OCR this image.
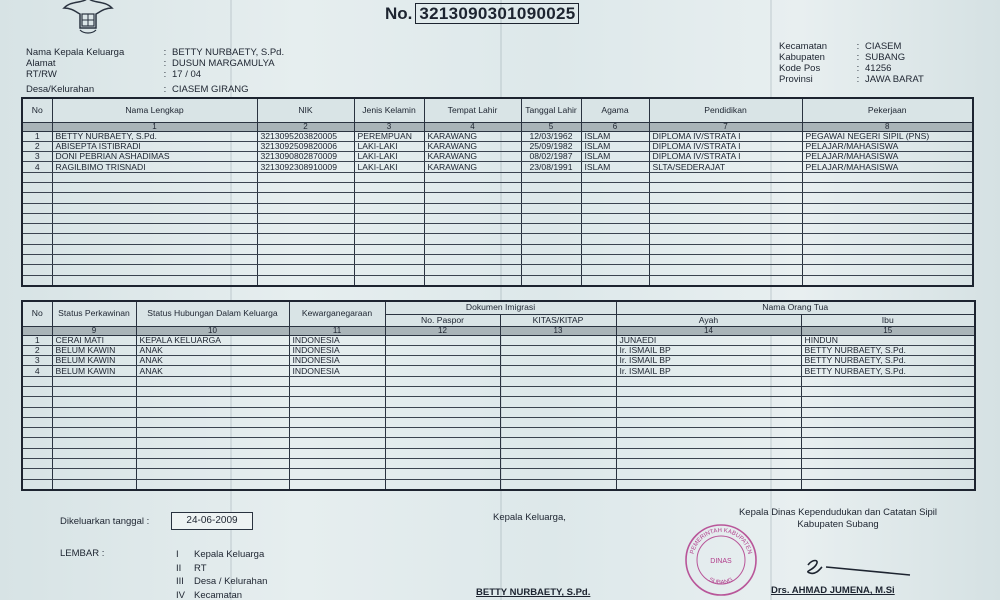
No. 3213090301090025
Nama Kepala Keluarga	: BETTY NURBAETY, S.Pd.
Alamat	: DUSUN MARGAMULYA
RT/RW	: 17 / 04
Desa/Kelurahan	: CIASEM GIRANG
Kecamatan	: CIASEM
Kabupaten	: SUBANG
Kode Pos	: 41256
Provinsi	: JAWA BARAT
No	Nama Lengkap	NIK	Jenis Kelamin	Tempat Lahir	Tanggal Lahir	Agama	Pendidikan	Pekerjaan
	1	2	3	4	5	6	7	8
1	BETTY NURBAETY, S.Pd.	3213095203820005	PEREMPUAN	KARAWANG	12/03/1962	ISLAM	DIPLOMA IV/STRATA I	PEGAWAI NEGERI SIPIL (PNS)
2	ABISEPTA ISTIBRADI	3213092509820006	LAKI-LAKI	KARAWANG	25/09/1982	ISLAM	DIPLOMA IV/STRATA I	PELAJAR/MAHASISWA
3	DONI PEBRIAN ASHADIMAS	3213090802870009	LAKI-LAKI	KARAWANG	08/02/1987	ISLAM	DIPLOMA IV/STRATA I	PELAJAR/MAHASISWA
4	RAGILBIMO TRISNADI	3213092308910009	LAKI-LAKI	KARAWANG	23/08/1991	ISLAM	SLTA/SEDERAJAT	PELAJAR/MAHASISWA

No	Status Perkawinan	Status Hubungan Dalam Keluarga	Kewarganegaraan	Dokumen Imigrasi		Nama Orang Tua	
				No. Paspor	KITAS/KITAP	Ayah	Ibu
	9	10	11	12	13	14	15
1	CERAI MATI	KEPALA KELUARGA	INDONESIA			JUNAEDI	HINDUN
2	BELUM KAWIN	ANAK	INDONESIA			Ir. ISMAIL BP	BETTY NURBAETY, S.Pd.
3	BELUM KAWIN	ANAK	INDONESIA			Ir. ISMAIL BP	BETTY NURBAETY, S.Pd.
4	BELUM KAWIN	ANAK	INDONESIA			Ir. ISMAIL BP	BETTY NURBAETY, S.Pd.

Dikeluarkan tanggal :	24-06-2009
LEMBAR :	I Kepala Keluarga
II RT
III Desa / Kelurahan
IV Kecamatan
Kepala Keluarga,
BETTY NURBAETY, S.Pd.
Kepala Dinas Kependudukan dan Catatan Sipil
Kabupaten Subang
PEMERINTAH KABUPATEN
DINAS
SUBANG
Drs. AHMAD JUMENA, M.Si
